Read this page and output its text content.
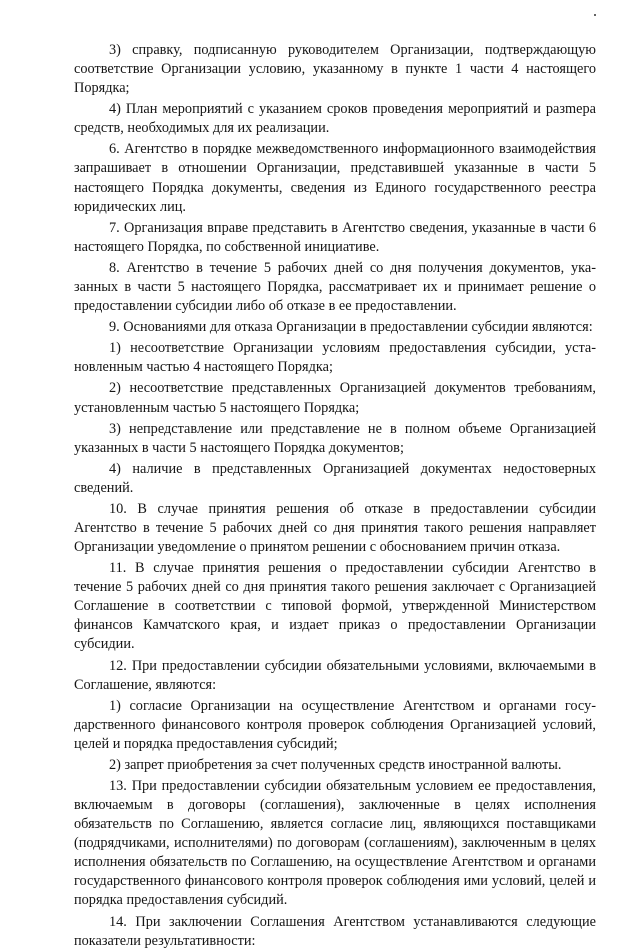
3) справку, подписанную руководителем Организации, подтверждающую соответствие Организации условию, указанному в пункте 1 части 4 настоящего Порядка;

4) План мероприятий с указанием сроков проведения мероприятий и разmера средств, необходимых для их реализации.

6. Агентство в порядке межведомственного информационного взаимодействия запрашивает в отношении Организации, представившей указанные в части 5 настоящего Порядка документы, сведения из Единого государственного реестра юридических лиц.

7. Организация вправе представить в Агентство сведения, указанные в части 6 настоящего Порядка, по собственной инициативе.

8. Агентство в течение 5 рабочих дней со дня получения документов, указанных в части 5 настоящего Порядка, рассматривает их и принимает решение о предоставлении субсидии либо об отказе в ее предоставлении.

9. Основаниями для отказа Организации в предоставлении субсидии являются:

1) несоответствие Организации условиям предоставления субсидии, установленным частью 4 настоящего Порядка;

2) несоответствие представленных Организацией документов требованиям, установленным частью 5 настоящего Порядка;

3) непредставление или представление не в полном объеме Организацией указанных в части 5 настоящего Порядка документов;

4) наличие в представленных Организацией документах недостоверных сведений.

10. В случае принятия решения об отказе в предоставлении субсидии Агентство в течение 5 рабочих дней со дня принятия такого решения направляет Организации уведомление о принятом решении с обоснованием причин отказа.

11. В случае принятия решения о предоставлении субсидии Агентство в течение 5 рабочих дней со дня принятия такого решения заключает с Организацией Соглашение в соответствии с типовой формой, утвержденной Министерством финансов Камчатского края, и издает приказ о предоставлении Организации субсидии.

12. При предоставлении субсидии обязательными условиями, включаемыми в Соглашение, являются:

1) согласие Организации на осуществление Агентством и органами государственного финансового контроля проверок соблюдения Организацией условий, целей и порядка предоставления субсидий;

2) запрет приобретения за счет полученных средств иностранной валюты.

13. При предоставлении субсидии обязательным условием ее предоставления, включаемым в договоры (соглашения), заключенные в целях исполнения обязательств по Соглашению, является согласие лиц, являющихся поставщиками (подрядчиками, исполнителями) по договорам (соглашениям), заключенным в целях исполнения обязательств по Соглашению, на осуществление Агентством и органами государственного финансового контроля проверок соблюдения ими условий, целей и порядка предоставления субсидий.

14. При заключении Соглашения Агентством устанавливаются следующие показатели результативности:
